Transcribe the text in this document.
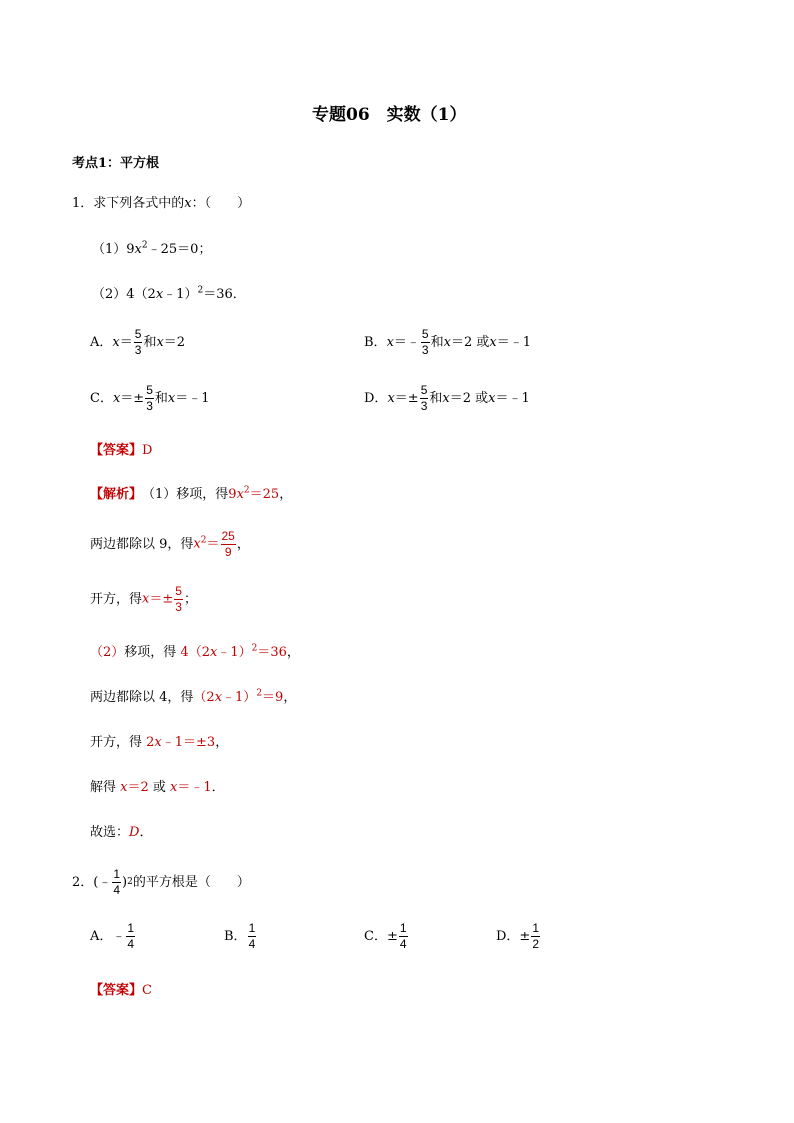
专题06　实数（1）
考点1：平方根
1．求下列各式中的x：（　　）
$(1)9x^2﹣25=0$；
（2）4（2x﹣1）$^2$＝36．
A． $x = \frac{5}{3}$ 和 x ＝2	B． x ＝﹣ $\frac{5}{3}$ 和 x ＝2 或 x ＝﹣1
C． $x =\pm \frac{5}{3}$ 和 x ＝﹣1	D． $x =\pm \frac{5}{3}$ 和 x ＝2 或 x ＝﹣1
【答案】D
【解析】 （1）移项，得 $9x^2=25$ ，
两边都除以 9，得 $x^2= \frac{25}{9}$ ，
开方，得 $x=\pm \frac{5}{3}$ ；
（2）移项，得 4（2x﹣1）$^2$＝36，
两边都除以 4，得（2x﹣1）$^2$＝9，
开方，得 2x﹣1＝±3，
解得 x＝2 或 x＝﹣1．
故选：D．
2．(﹣ $\frac{1}{4}$ ) 2 的平方根是（　　）
A．﹣ $\frac{1}{4}$	B． $\frac{1}{4}$	C．± $\frac{1}{4}$	D．± $\frac{1}{2}$
【答案】C
